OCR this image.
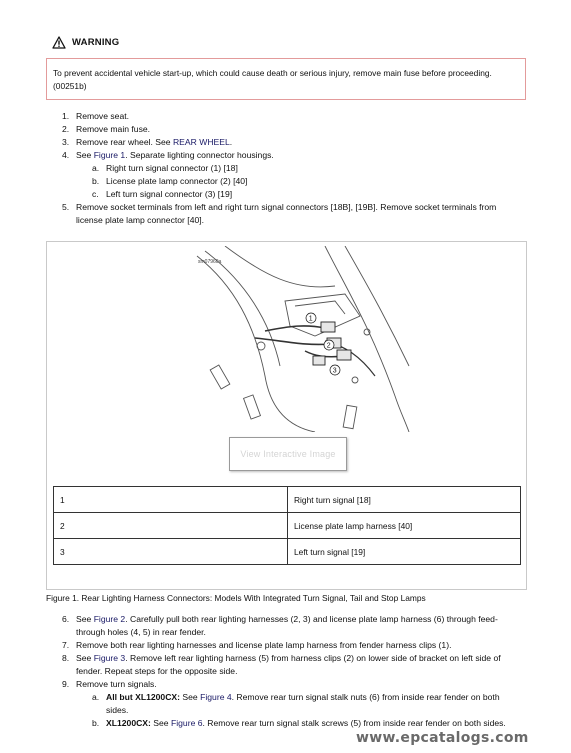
WARNING
To prevent accidental vehicle start-up, which could cause death or serious injury, remove main fuse before proceeding. (00251b)
1. Remove seat.
2. Remove main fuse.
3. Remove rear wheel. See REAR WHEEL.
4. See Figure 1. Separate lighting connector housings.
a. Right turn signal connector (1) [18]
b. License plate lamp connector (2) [40]
c. Left turn signal connector (3) [19]
5. Remove socket terminals from left and right turn signal connectors [18B], [19B]. Remove socket terminals from
license plate lamp connector [40].
sm07960a
1
2
3
View Interactive Image
1	Right turn signal [18]
2	License plate lamp harness [40]
3	Left turn signal [19]
Figure 1. Rear Lighting Harness Connectors: Models With Integrated Turn Signal, Tail and Stop Lamps
6. See Figure 2. Carefully pull both rear lighting harnesses (2, 3) and license plate lamp harness (6) through feed-
through holes (4, 5) in rear fender.
7. Remove both rear lighting harnesses and license plate lamp harness from fender harness clips (1).
8. See Figure 3. Remove left rear lighting harness (5) from harness clips (2) on lower side of bracket on left side of
fender. Repeat steps for the opposite side.
9. Remove turn signals.
a. All but XL1200CX: See Figure 4. Remove rear turn signal stalk nuts (6) from inside rear fender on both
sides.
b. XL1200CX: See Figure 6. Remove rear turn signal stalk screws (5) from inside rear fender on both sides.
www.epcatalogs.com
